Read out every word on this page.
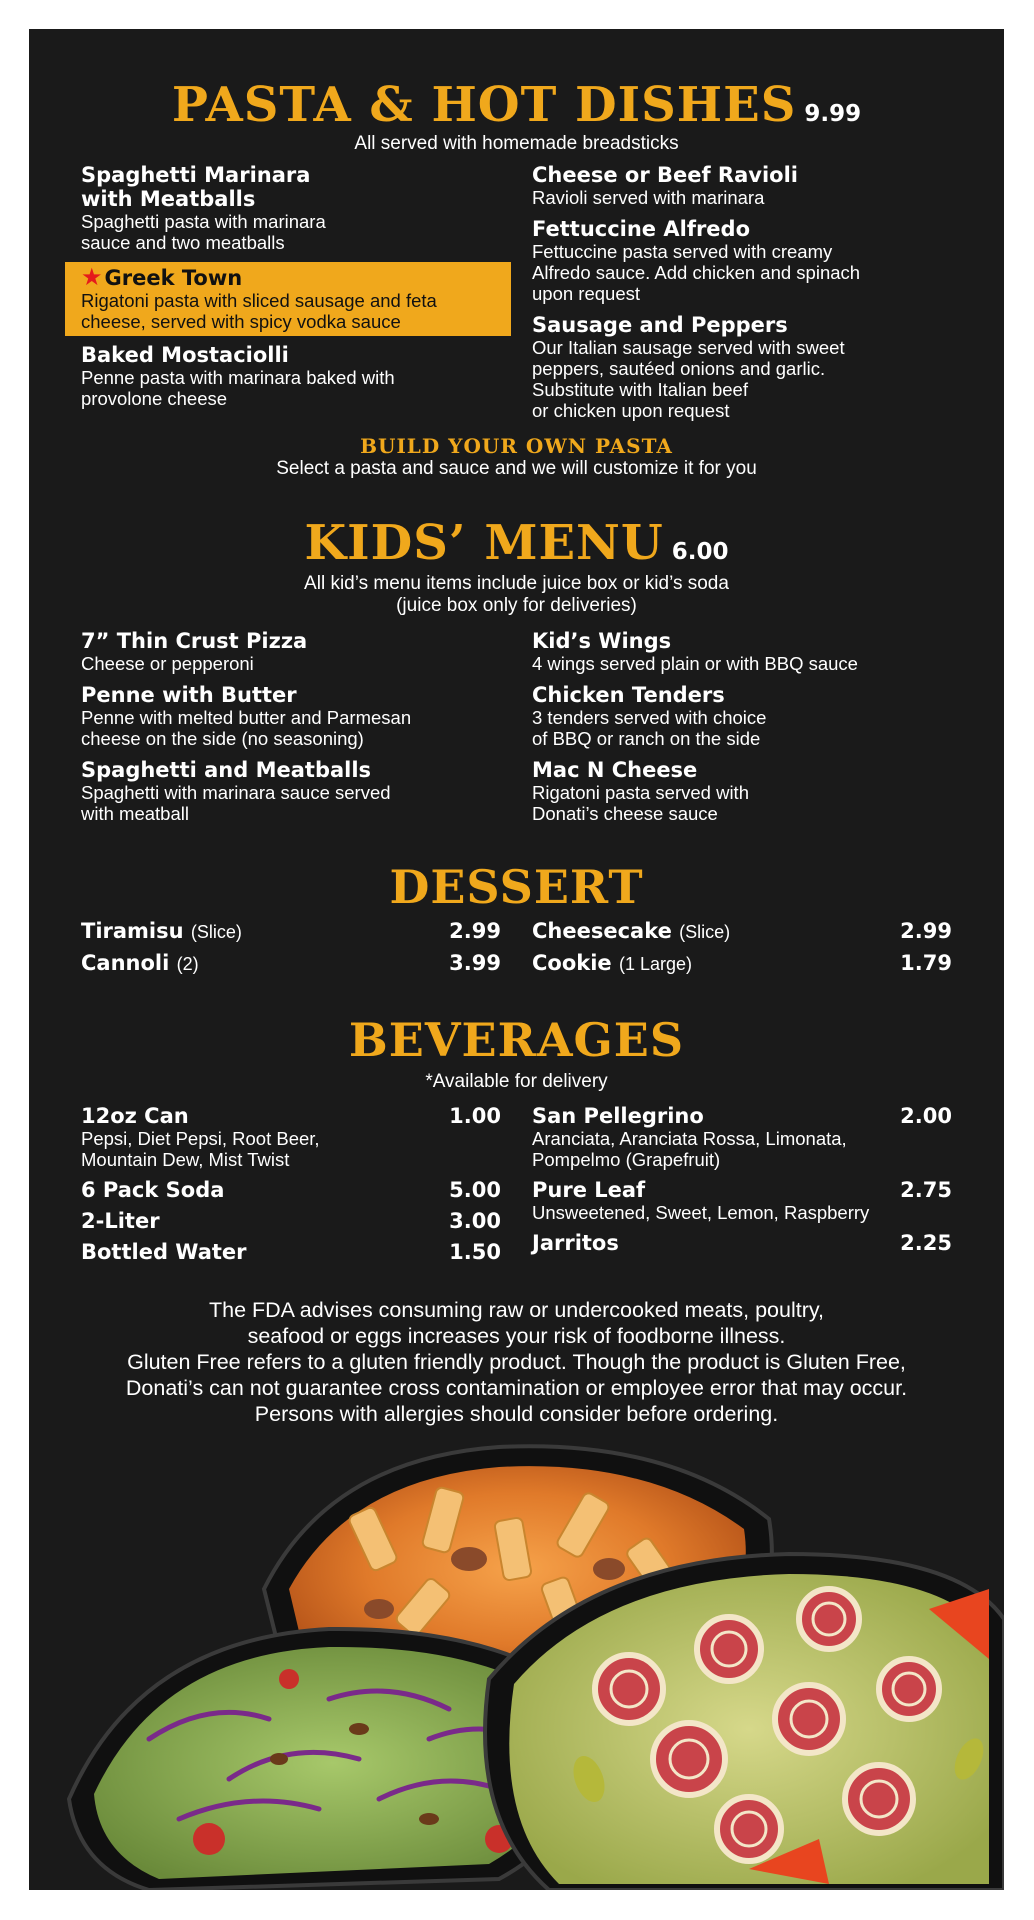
PASTA & HOT DISHES 9.99
All served with homemade breadsticks
Spaghetti Marinara
with Meatballs
Spaghetti pasta with marinara
sauce and two meatballs
★Greek Town
Rigatoni pasta with sliced sausage and feta
cheese, served with spicy vodka sauce
Baked Mostaciolli
Penne pasta with marinara baked with
provolone cheese
Cheese or Beef Ravioli
Ravioli served with marinara
Fettuccine Alfredo
Fettuccine pasta served with creamy
Alfredo sauce. Add chicken and spinach
upon request
Sausage and Peppers
Our Italian sausage served with sweet
peppers, sautéed onions and garlic.
Substitute with Italian beef
or chicken upon request
BUILD YOUR OWN PASTA
Select a pasta and sauce and we will customize it for you
KIDS’ MENU 6.00
All kid’s menu items include juice box or kid’s soda
(juice box only for deliveries)
7” Thin Crust Pizza
Cheese or pepperoni
Penne with Butter
Penne with melted butter and Parmesan
cheese on the side (no seasoning)
Spaghetti and Meatballs
Spaghetti with marinara sauce served
with meatball
Kid’s Wings
4 wings served plain or with BBQ sauce
Chicken Tenders
3 tenders served with choice
of BBQ or ranch on the side
Mac N Cheese
Rigatoni pasta served with
Donati’s cheese sauce
DESSERT
Tiramisu (Slice)	2.99
Cannoli (2)	3.99
Cheesecake (Slice)	2.99
Cookie (1 Large)	1.79
BEVERAGES
*Available for delivery
12oz Can	1.00
Pepsi, Diet Pepsi, Root Beer,
Mountain Dew, Mist Twist
6 Pack Soda	5.00
2-Liter	3.00
Bottled Water	1.50
San Pellegrino	2.00
Aranciata, Aranciata Rossa, Limonata,
Pompelmo (Grapefruit)
Pure Leaf	2.75
Unsweetened, Sweet, Lemon, Raspberry
Jarritos	2.25
The FDA advises consuming raw or undercooked meats, poultry,
seafood or eggs increases your risk of foodborne illness.
Gluten Free refers to a gluten friendly product. Though the product is Gluten Free,
Donati’s can not guarantee cross contamination or employee error that may occur.
Persons with allergies should consider before ordering.
